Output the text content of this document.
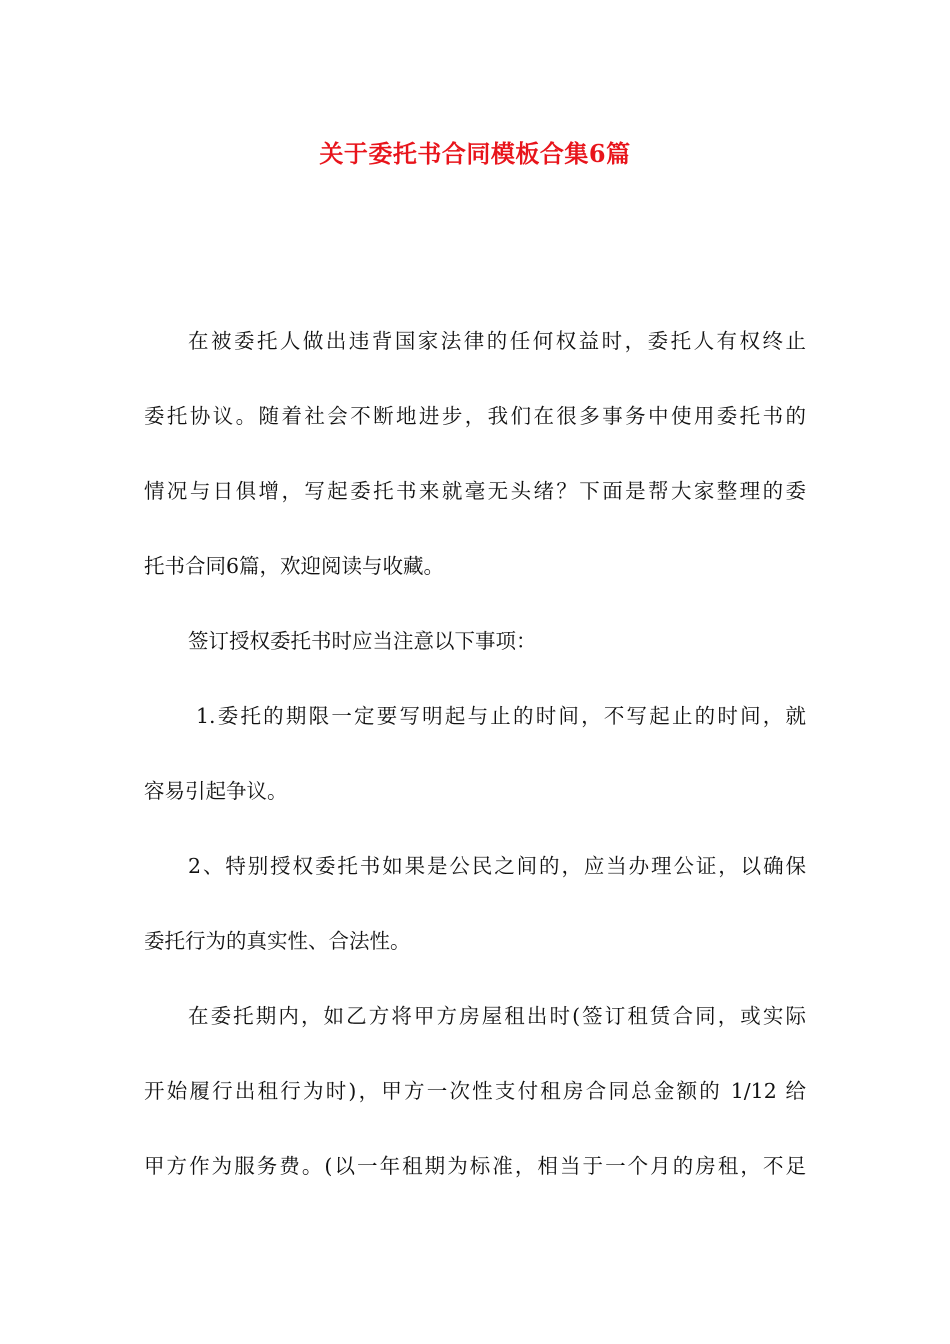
关于委托书合同模板合集6篇
在被委托人做出违背国家法律的任何权益时，委托人有权终止
委托协议。随着社会不断地进步，我们在很多事务中使用委托书的
情况与日俱增，写起委托书来就毫无头绪？下面是帮大家整理的委
托书合同6篇，欢迎阅读与收藏。
签订授权委托书时应当注意以下事项：
1.委托的期限一定要写明起与止的时间，不写起止的时间，就
容易引起争议。
2、特别授权委托书如果是公民之间的，应当办理公证，以确保
委托行为的真实性、合法性。
在委托期内，如乙方将甲方房屋租出时(签订租赁合同，或实际
开始履行出租行为时)，甲方一次性支付租房合同总金额的 1/12 给
甲方作为服务费。(以一年租期为标准，相当于一个月的房租，不足
